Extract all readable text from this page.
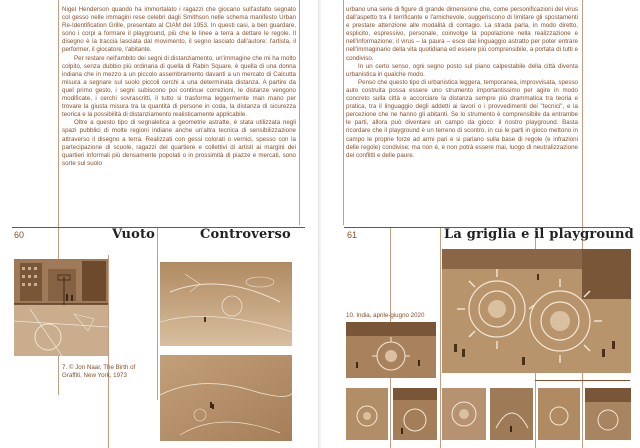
Nigel Henderson quando ha immortalato i ragazzi che giocano sull'asfalto segnato col gesso nelle immagini rese celebri dagli Smithson nelle schema manifesto Urban Re-Identification Grille, presentato al CIAM del 1953. In questi casi, a ben guardare, sono i corpi a formare il playground, più che le linee a terra a dettare le regole. Il disegno è la traccia lasciata dal movimento, il segno lasciato dall'autore: l'artista, il performer, il giocatore, l'abitante.

Per restare nell'ambito dei segni di distanziamento, un'immagine che mi ha molto colpito, senza dubbio più ordinaria di quella di Rabin Square, è quella di una donna indiana che in mezzo a un piccolo assembramento davanti a un mercato di Calcutta misura a segnare sul suolo piccoli cerchi a una determinata distanza. A partire da quel primo gesto, i segni subiscono poi continue correzioni, le distanze vengono modificate, i cerchi sovrascritti, il tutto si trasforma leggermente man mano per trovare la giusta misura tra la quantità di persone in coda, la distanza di sicurezza teorica e la possibilità di distanziamento realisticamente applicabile.

Oltre a questo tipo di segnaletica a geometrie astratte, è stata utilizzata negli spazi pubblici di molte regioni indiane anche un'altra tecnica di sensibilizzazione attraverso il disegno a terra. Realizzati con gessi colorati o vernici, spesso con la partecipazione di scuole, ragazzi del quartiere e collettivi di artisti ai margini dei quartieri informali più densamente popolati o in prossimità di piazze e mercati, sono sorte sul suolo

60	Vuoto	Controverso
7. © Jon Naar, The Birth of Graffiti, New York, 1973

urbano una serie di figure di grande dimensione che, come personificazioni del virus dall'aspetto tra il terrificante e l'amichevole, suggeriscono di limitare gli spostamenti e prestare attenzione alle modalità di contagio. La strada parla, in modo diretto, esplicito, espressivo, personale, coinvolge la popolazione nella realizzazione e nell'informazione; il virus – la paura – esce dal linguaggio astratto per poter entrare nell'immaginario della vita quotidiana ed essere più comprensibile, a portata di tutti e condiviso.

In un certo senso, ogni segno posto sul piano calpestabile della città diventa urbanistica in qualche modo.

Penso che questo tipo di urbanistica leggera, temporanea, improvvisata, spesso auto costruita possa essere uno strumento importantissimo per agire in modo concreto sulla città e accorciare la distanza sempre più drammatica tra teoria e pratica, tra il linguaggio degli addetti ai lavori o i provvedimenti dei "tecnici", e la percezione che ne hanno gli abitanti. Se lo strumento è comprensibile da entrambe le parti, allora può diventare un campo da gioco: il nostro playground. Basta ricordare che il playground è un terreno di scontro, in cui le parti in gioco mettono in campo le proprie forze ad armi pari e si parlano sulla base di regole (e infrazioni delle regole) condivise; ma non è, e non potrà essere mai, luogo di neutralizzazione dei conflitti e delle paure.

61	La griglia e il playground
10. India, aprile-giugno 2020
